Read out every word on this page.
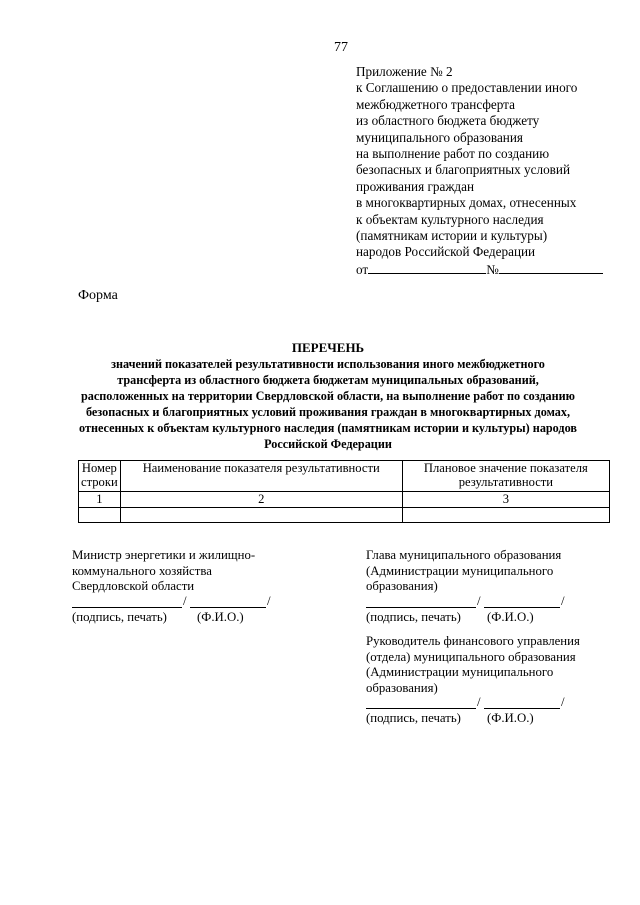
77
Приложение № 2
к Соглашению о предоставлении иного
межбюджетного трансферта
из областного бюджета бюджету
муниципального образования
на выполнение работ по созданию
безопасных и благоприятных условий
проживания граждан
в многоквартирных домах, отнесенных
к объектам культурного наследия
(памятникам истории и культуры)
народов Российской Федерации
от	№
Форма
ПЕРЕЧЕНЬ
значений показателей результативности использования иного межбюджетного
трансферта из областного бюджета бюджетам муниципальных образований,
расположенных на территории Свердловской области, на выполнение работ по созданию
безопасных и благоприятных условий проживания граждан в многоквартирных домах,
отнесенных к объектам культурного наследия (памятникам истории и культуры) народов
Российской Федерации
Номер строки	Наименование показателя результативности	Плановое значение показателя результативности
1	2	3

Министр энергетики и жилищно-
коммунального хозяйства
Свердловской области
/	/
(подпись, печать) (Ф.И.О.)
Глава муниципального образования
(Администрации муниципального
образования)
/	/
(подпись, печать) (Ф.И.О.)
Руководитель финансового управления
(отдела) муниципального образования
(Администрации муниципального
образования)
/	/
(подпись, печать) (Ф.И.О.)
